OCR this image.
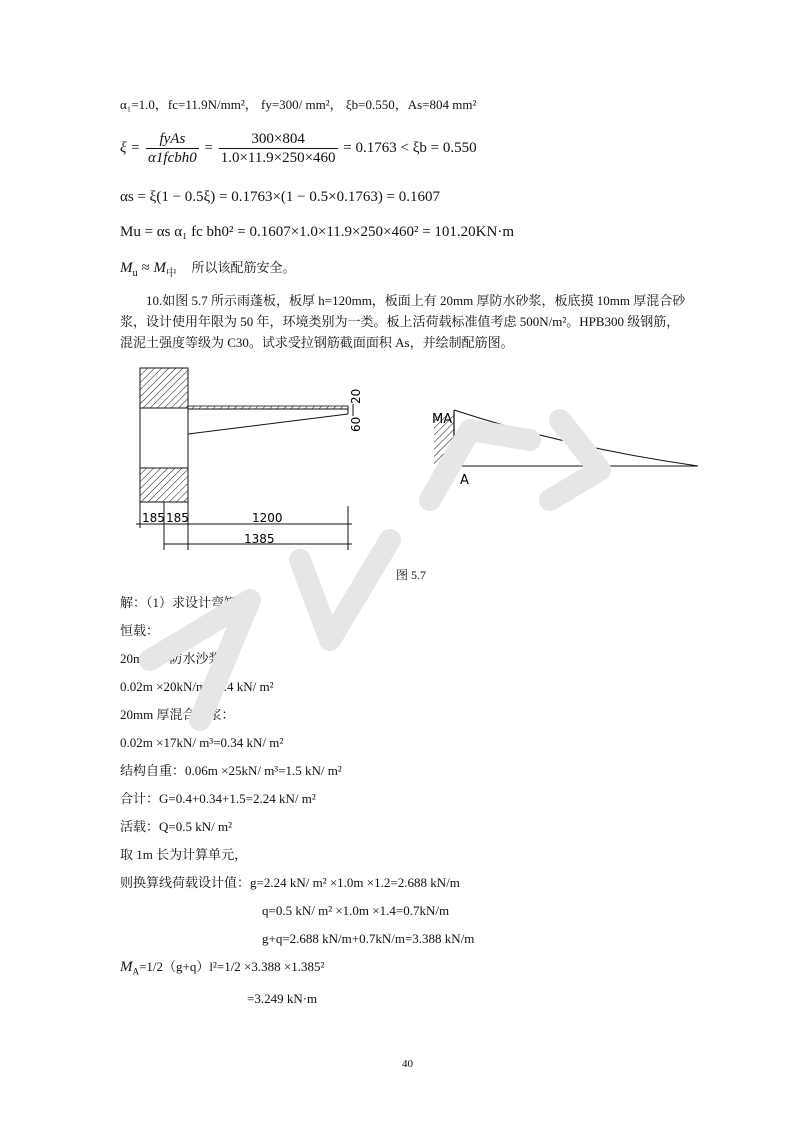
α₁=1.0，fc=11.9N/mm²， fy=300/ mm²， ξb=0.550，As=804 mm²
$\xi = \frac{\text{fyAs}}{\text{α1fcbh0}} = \frac{300\times 804}{1.0\times 11.9\times 250\times 460} = 0.1763 < \xi b = 0.550$
αs = ξ(1 − 0.5ξ) = 0.1763×(1 − 0.5×0.1763) = 0.1607
Mu = αs α₁ fc bh0² = 0.1607×1.0×11.9×250×460² = 101.20KN·m
$M_u \approx M_中$ 所以该配筋安全。
10.如图 5.7 所示雨蓬板，板厚 h=120mm，板面上有 20mm 厚防水砂浆，板底摸 10mm 厚混合砂浆，设计使用年限为 50 年，环境类别为一类。板上活荷载标准值考虑 500N/m²。HPB300 级钢筋，混泥土强度等级为 C30。试求受拉钢筋截面面积 As，并绘制配筋图。
20
60
185 185	1200
1385
MA
A
图 5.7
解：（1）求设计弯矩：
恒载：
20mm 厚防水沙浆：
0.02m ×20kN/m³=0.4 kN/ m²
20mm 厚混合沙浆：
0.02m ×17kN/ m³=0.34 kN/ m²
结构自重：0.06m ×25kN/ m³=1.5 kN/ m²
合计：G=0.4+0.34+1.5=2.24 kN/ m²
活载：Q=0.5 kN/ m²
取 1m 长为计算单元，
则换算线荷载设计值：g=2.24 kN/ m² ×1.0m ×1.2=2.688 kN/m
q=0.5 kN/ m² ×1.0m ×1.4=0.7kN/m
g+q=2.688 kN/m+0.7kN/m=3.388 kN/m
$M_A=1/2(g+q)l^2=1/2 \times 3.388 \times 1.385^2$
=3.249 kN·m
40
